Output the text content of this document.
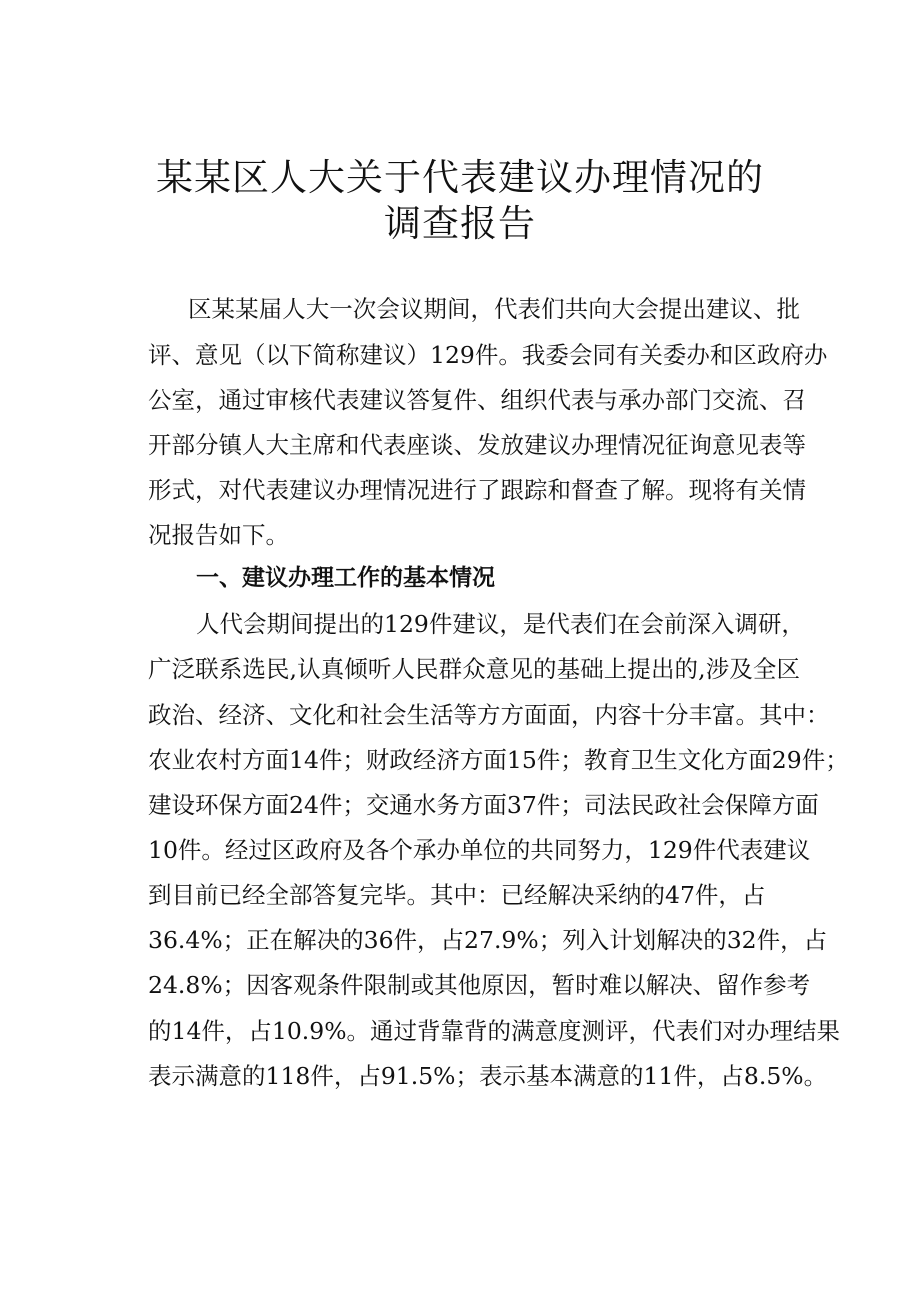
某某区人大关于代表建议办理情况的
调查报告

区某某届人大一次会议期间，代表们共向大会提出建议、批

评、意见（以下简称建议）129件。我委会同有关委办和区政府办

公室，通过审核代表建议答复件、组织代表与承办部门交流、召

开部分镇人大主席和代表座谈、发放建议办理情况征询意见表等

形式，对代表建议办理情况进行了跟踪和督查了解。现将有关情

况报告如下。

一、建议办理工作的基本情况

人代会期间提出的129件建议，是代表们在会前深入调研，

广泛联系选民,认真倾听人民群众意见的基础上提出的,涉及全区

政治、经济、文化和社会生活等方方面面，内容十分丰富。其中：

农业农村方面14件；财政经济方面15件；教育卫生文化方面29件；

建设环保方面24件；交通水务方面37件；司法民政社会保障方面

10件。经过区政府及各个承办单位的共同努力，129件代表建议

到目前已经全部答复完毕。其中：已经解决采纳的47件，占

36.4%；正在解决的36件，占27.9%；列入计划解决的32件，占

24.8%；因客观条件限制或其他原因，暂时难以解决、留作参考

的14件，占10.9%。通过背靠背的满意度测评，代表们对办理结果

表示满意的118件，占91.5%；表示基本满意的11件，占8.5%。
